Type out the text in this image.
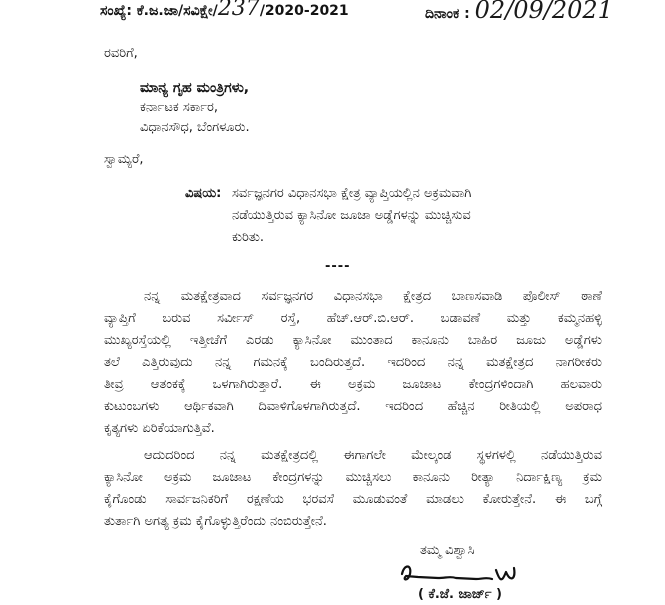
ಸಂಖ್ಯೆ: ಕೆ.ಜ.ಜಾ/ಸವಿಕ್ಷೇ/237/2020-2021	ದಿನಾಂಕ : 02/09/2021
ರವರಿಗೆ,
ಮಾನ್ಯ ಗೃಹ ಮಂತ್ರಿಗಳು,
ಕರ್ನಾಟಕ ಸರ್ಕಾರ,
ವಿಧಾನಸೌಧ, ಬೆಂಗಳೂರು.
ಸ್ವಾಮ್ಯರೆ,
ವಿಷಯ: ಸರ್ವಜ್ಞನಗರ ವಿಧಾನಸಭಾ ಕ್ಷೇತ್ರ ವ್ಯಾಪ್ತಿಯಲ್ಲಿನ ಅಕ್ರಮವಾಗಿ
ನಡೆಯುತ್ತಿರುವ ಕ್ಯಾಸಿನೋ ಜೂಜಾ ಅಡ್ಡೆಗಳನ್ನು ಮುಚ್ಚಿಸುವ
ಕುರಿತು.
----
ನನ್ನ ಮತಕ್ಷೇತ್ರವಾದ ಸರ್ವಜ್ಞನಗರ ವಿಧಾನಸಭಾ ಕ್ಷೇತ್ರದ ಬಾಣಸವಾಡಿ ಪೊಲೀಸ್ ಠಾಣೆ
ವ್ಯಾಪ್ತಿಗೆ ಬರುವ ಸರ್ವೀಸ್ ರಸ್ತೆ, ಹೆಚ್.ಆರ್.ಬಿ.ಆರ್. ಬಡಾವಣೆ ಮತ್ತು ಕಮ್ಮನಹಳ್ಳಿ
ಮುಖ್ಯರಸ್ತೆಯಲ್ಲಿ ಇತ್ತೀಚೆಗೆ ಎರಡು ಕ್ಯಾಸಿನೋ ಮುಂತಾದ ಕಾನೂನು ಬಾಹಿರ ಜೂಜು ಅಡ್ಡೆಗಳು
ತಲೆ ಎತ್ತಿರುವುದು ನನ್ನ ಗಮನಕ್ಕೆ ಬಂದಿರುತ್ತದೆ. ಇದರಿಂದ ನನ್ನ ಮತಕ್ಷೇತ್ರದ ನಾಗರೀಕರು
ತೀವ್ರ ಆತಂಕಕ್ಕೆ ಒಳಗಾಗಿರುತ್ತಾರೆ. ಈ ಅಕ್ರಮ ಜೂಜಾಟ ಕೇಂದ್ರಗಳಿಂದಾಗಿ ಹಲವಾರು
ಕುಟುಂಬಗಳು ಆರ್ಥಿಕವಾಗಿ ದಿವಾಳಿಗೊಳಗಾಗಿರುತ್ತದೆ. ಇದರಿಂದ ಹೆಚ್ಚಿನ ರೀತಿಯಲ್ಲಿ ಅಪರಾಧ
ಕೃತ್ಯಗಳು ಏರಿಕೆಯಾಗುತ್ತಿವೆ.
ಆದುದರಿಂದ ನನ್ನ ಮತಕ್ಷೇತ್ರದಲ್ಲಿ ಈಗಾಗಲೇ ಮೇಲ್ಕಂಡ ಸ್ಥಳಗಳಲ್ಲಿ ನಡೆಯುತ್ತಿರುವ
ಕ್ಯಾಸಿನೋ ಅಕ್ರಮ ಜೂಜಾಟ ಕೇಂದ್ರಗಳನ್ನು ಮುಚ್ಚಿಸಲು ಕಾನೂನು ರೀತ್ಯಾ ನಿರ್ದಾಕ್ಷಿಣ್ಯ ಕ್ರಮ
ಕೈಗೊಂಡು ಸಾರ್ವಜನಿಕರಿಗೆ ರಕ್ಷಣೆಯ ಭರವಸೆ ಮೂಡುವಂತೆ ಮಾಡಲು ಕೋರುತ್ತೇನೆ. ಈ ಬಗ್ಗೆ
ತುರ್ತಾಗಿ ಅಗತ್ಯ ಕ್ರಮ ಕೈಗೊಳ್ಳುತ್ತಿರೆಂದು ನಂಬಿರುತ್ತೇನೆ.
ತಮ್ಮ ವಿಶ್ವಾಸಿ
( ಕೆ.ಜೆ. ಜಾರ್ಜ್ )
